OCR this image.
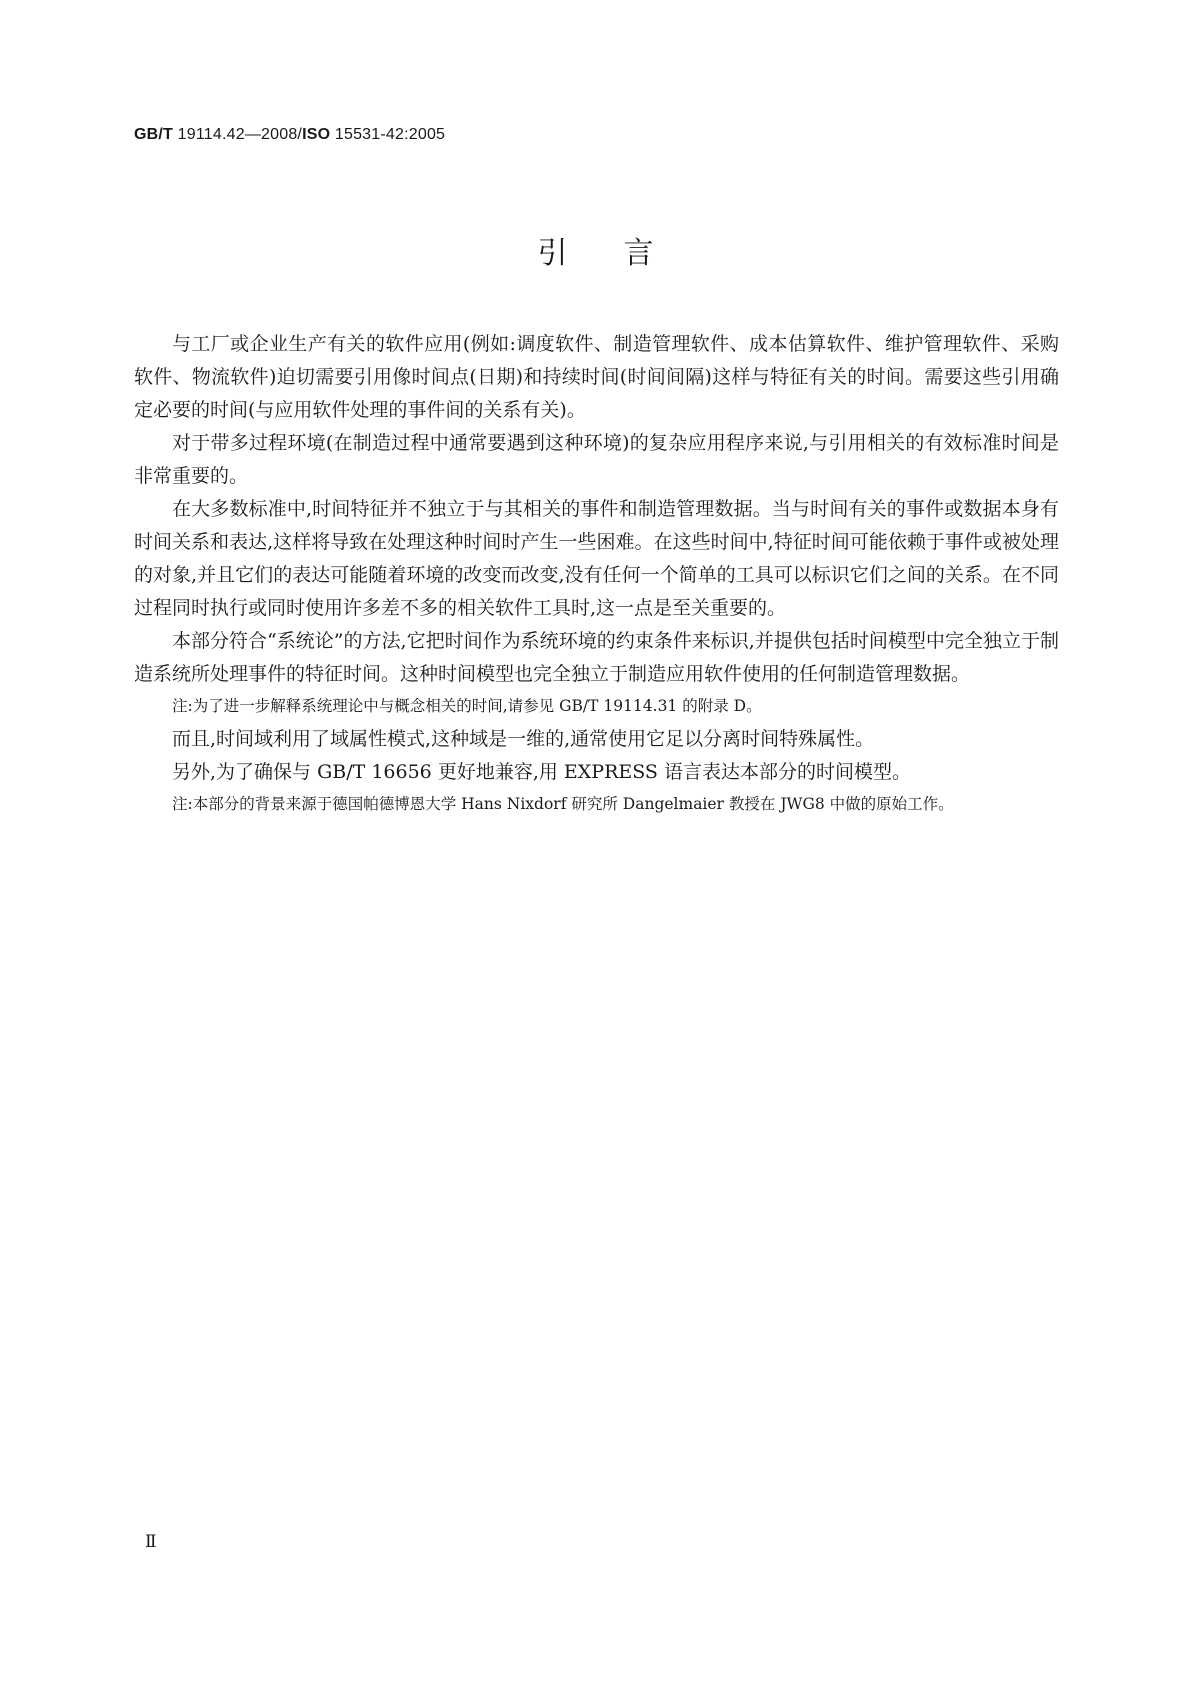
GB/T 19114.42—2008/ISO 15531-42:2005
引言

与工厂或企业生产有关的软件应用(例如:调度软件、制造管理软件、成本估算软件、维护管理软件、采购软件、物流软件)迫切需要引用像时间点(日期)和持续时间(时间间隔)这样与特征有关的时间。需要这些引用确定必要的时间(与应用软件处理的事件间的关系有关)。

对于带多过程环境(在制造过程中通常要遇到这种环境)的复杂应用程序来说,与引用相关的有效标准时间是非常重要的。

在大多数标准中,时间特征并不独立于与其相关的事件和制造管理数据。当与时间有关的事件或数据本身有时间关系和表达,这样将导致在处理这种时间时产生一些困难。在这些时间中,特征时间可能依赖于事件或被处理的对象,并且它们的表达可能随着环境的改变而改变,没有任何一个简单的工具可以标识它们之间的关系。在不同过程同时执行或同时使用许多差不多的相关软件工具时,这一点是至关重要的。

本部分符合“系统论”的方法,它把时间作为系统环境的约束条件来标识,并提供包括时间模型中完全独立于制造系统所处理事件的特征时间。这种时间模型也完全独立于制造应用软件使用的任何制造管理数据。

注:为了进一步解释系统理论中与概念相关的时间,请参见 GB/T 19114.31 的附录 D。

而且,时间域利用了域属性模式,这种域是一维的,通常使用它足以分离时间特殊属性。

另外,为了确保与 GB/T 16656 更好地兼容,用 EXPRESS 语言表达本部分的时间模型。

注:本部分的背景来源于德国帕德博恩大学 Hans Nixdorf 研究所 Dangelmaier 教授在 JWG8 中做的原始工作。
Ⅱ
